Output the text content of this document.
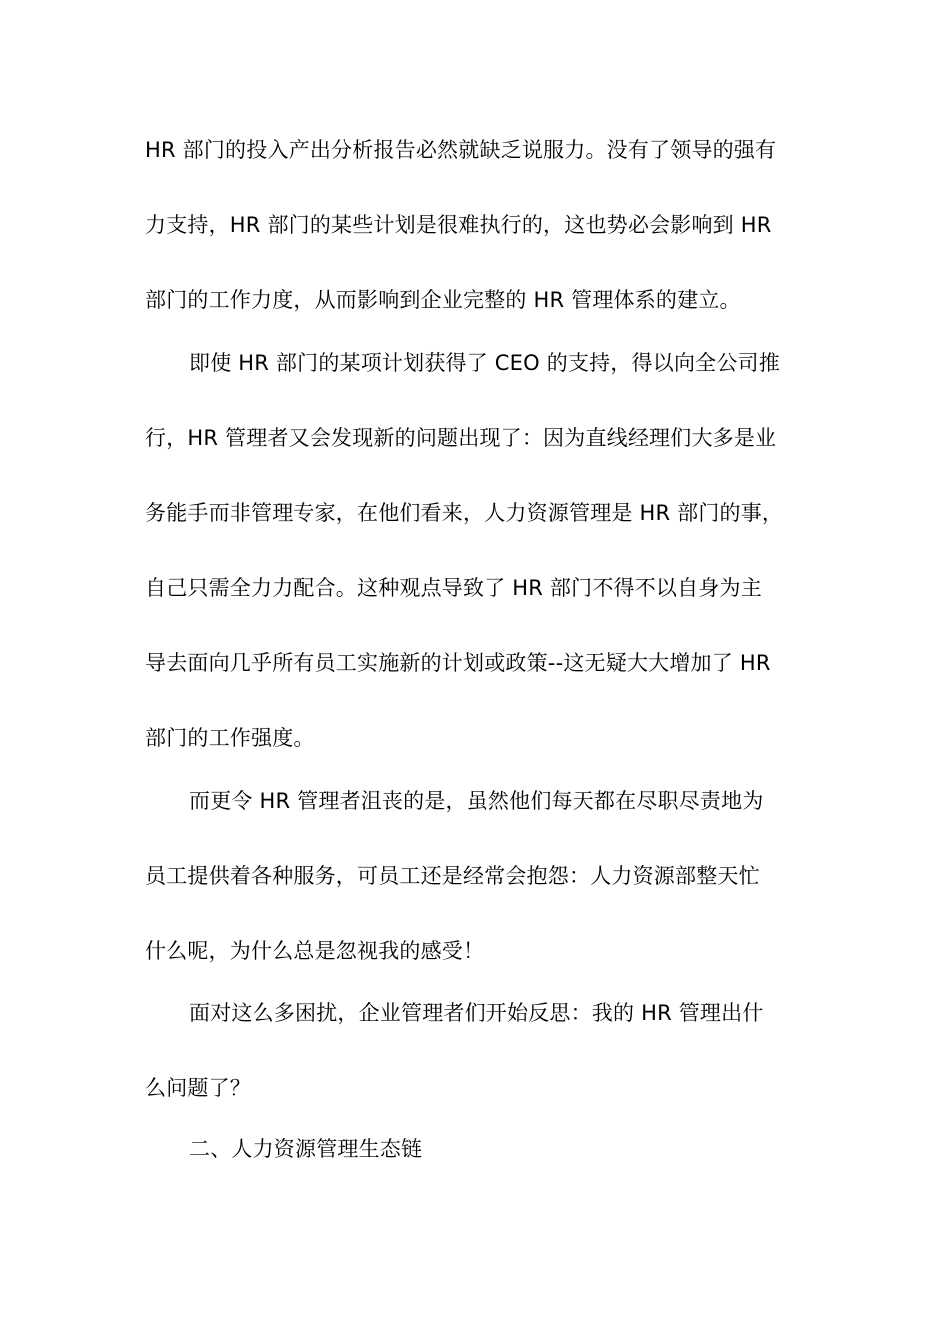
HR 部门的投入产出分析报告必然就缺乏说服力。没有了领导的强有
力支持，HR 部门的某些计划是很难执行的，这也势必会影响到 HR
部门的工作力度，从而影响到企业完整的 HR 管理体系的建立。
即使 HR 部门的某项计划获得了 CEO 的支持，得以向全公司推
行，HR 管理者又会发现新的问题出现了：因为直线经理们大多是业
务能手而非管理专家，在他们看来，人力资源管理是 HR 部门的事，
自己只需全力力配合。这种观点导致了 HR 部门不得不以自身为主
导去面向几乎所有员工实施新的计划或政策--这无疑大大增加了 HR
部门的工作强度。
而更令 HR 管理者沮丧的是，虽然他们每天都在尽职尽责地为
员工提供着各种服务，可员工还是经常会抱怨：人力资源部整天忙
什么呢，为什么总是忽视我的感受！
面对这么多困扰，企业管理者们开始反思：我的 HR 管理出什
么问题了？
二、人力资源管理生态链
